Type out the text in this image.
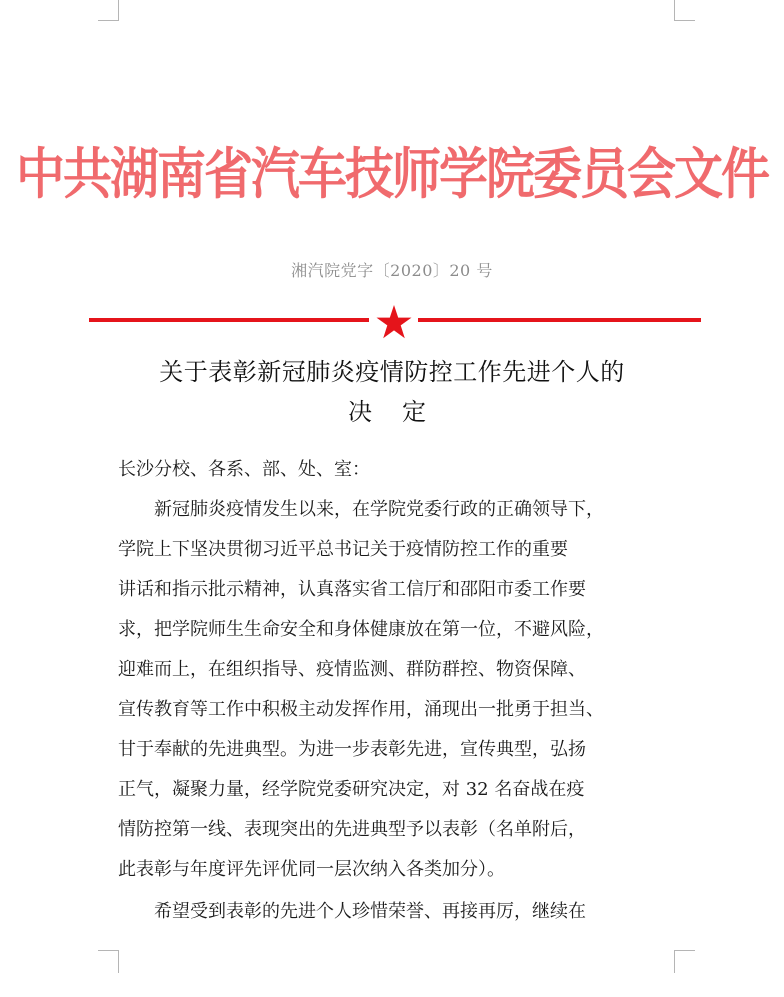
中共湖南省汽车技师学院委员会文件
湘汽院党字〔2020〕20 号
关于表彰新冠肺炎疫情防控工作先进个人的
决定
长沙分校、各系、部、处、室：
　　新冠肺炎疫情发生以来，在学院党委行政的正确领导下，
学院上下坚决贯彻习近平总书记关于疫情防控工作的重要
讲话和指示批示精神，认真落实省工信厅和邵阳市委工作要
求，把学院师生生命安全和身体健康放在第一位，不避风险，
迎难而上，在组织指导、疫情监测、群防群控、物资保障、
宣传教育等工作中积极主动发挥作用，涌现出一批勇于担当、
甘于奉献的先进典型。为进一步表彰先进，宣传典型，弘扬
正气，凝聚力量，经学院党委研究决定，对 32 名奋战在疫
情防控第一线、表现突出的先进典型予以表彰（名单附后，
此表彰与年度评先评优同一层次纳入各类加分）。
　　希望受到表彰的先进个人珍惜荣誉、再接再厉，继续在
